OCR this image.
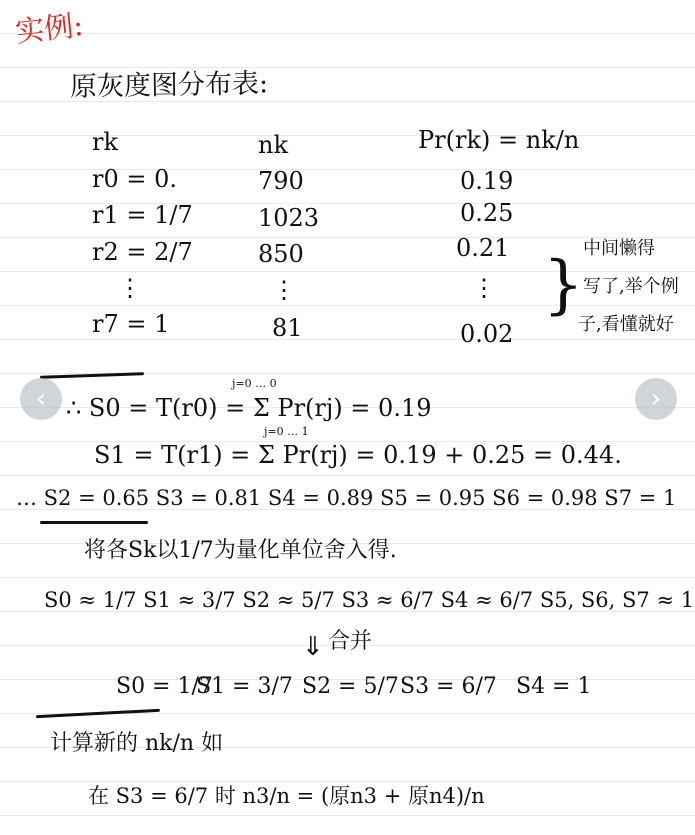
实例:
原灰度图分布表:
rk	nk	Pr(rk) = nk/n
r0 = 0.	790	0.19
r1 = 1/7	1023	0.25
r2 = 2/7	850	0.21
⋮	⋮	⋮
r7 = 1	81	0.02
} 中间懒得
写了,举个例
子,看懂就好
‹	›
∴ S0 = T(r0) = Σ Pr(rj) = 0.19
j=0 … 0
S1 = T(r1) = Σ Pr(rj) = 0.19 + 0.25 = 0.44.
j=0 … 1
… S2 = 0.65 S3 = 0.81 S4 = 0.89 S5 = 0.95 S6 = 0.98 S7 = 1
将各Sk以1/7为量化单位舍入得.
S0 ≈ 1/7 S1 ≈ 3/7 S2 ≈ 5/7 S3 ≈ 6/7 S4 ≈ 6/7 S5, S6, S7 ≈ 1
⇓ 合并
S0 = 1/7
S1 = 3/7 S2 = 5/7 S3 = 6/7 S4 = 1
计算新的 nk/n 如
在 S3 = 6/7 时 n3/n = (原n3 + 原n4)/n
